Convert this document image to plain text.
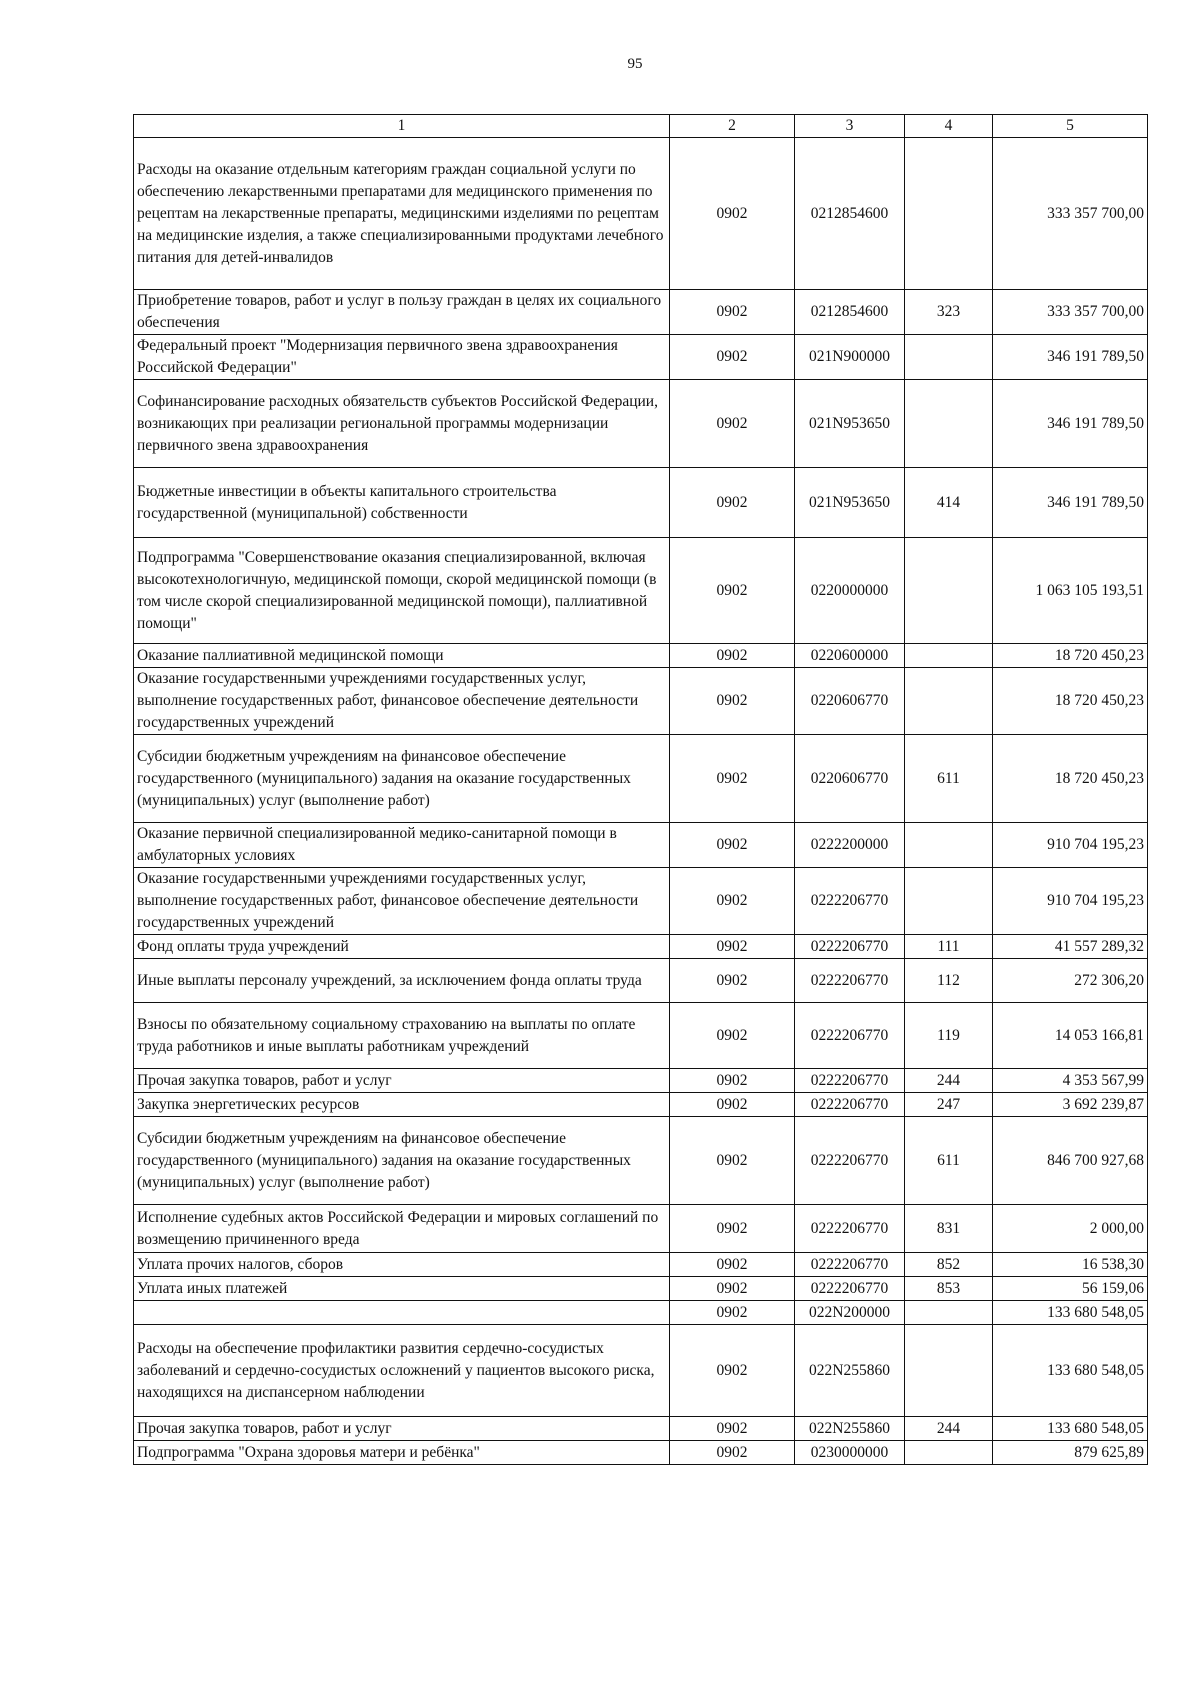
95
1	2	3	4	5
Расходы на оказание отдельным категориям граждан социальной услуги по обеспечению лекарственными препаратами для медицинского применения по рецептам на лекарственные препараты, медицинскими изделиями по рецептам на медицинские изделия, а также специализированными продуктами лечебного питания для детей-инвалидов	0902	0212854600		333 357 700,00
Приобретение товаров, работ и услуг в пользу граждан в целях их социального обеспечения	0902	0212854600	323	333 357 700,00
Федеральный проект "Модернизация первичного звена здравоохранения Российской Федерации"	0902	021N900000		346 191 789,50
Софинансирование расходных обязательств субъектов Российской Федерации, возникающих при реализации региональной программы модернизации первичного звена здравоохранения	0902	021N953650		346 191 789,50
Бюджетные инвестиции в объекты капитального строительства государственной (муниципальной) собственности	0902	021N953650	414	346 191 789,50
Подпрограмма "Совершенствование оказания специализированной, включая высокотехнологичную, медицинской помощи, скорой медицинской помощи (в том числе скорой специализированной медицинской помощи), паллиативной помощи"	0902	0220000000		1 063 105 193,51
Оказание паллиативной медицинской помощи	0902	0220600000		18 720 450,23
Оказание государственными учреждениями государственных услуг, выполнение государственных работ, финансовое обеспечение деятельности государственных учреждений	0902	0220606770		18 720 450,23
Субсидии бюджетным учреждениям на финансовое обеспечение государственного (муниципального) задания на оказание государственных (муниципальных) услуг (выполнение работ)	0902	0220606770	611	18 720 450,23
Оказание первичной специализированной медико-санитарной помощи в амбулаторных условиях	0902	0222200000		910 704 195,23
Оказание государственными учреждениями государственных услуг, выполнение государственных работ, финансовое обеспечение деятельности государственных учреждений	0902	0222206770		910 704 195,23
Фонд оплаты труда учреждений	0902	0222206770	111	41 557 289,32
Иные выплаты персоналу учреждений, за исключением фонда оплаты труда	0902	0222206770	112	272 306,20
Взносы по обязательному социальному страхованию на выплаты по оплате труда работников и иные выплаты работникам учреждений	0902	0222206770	119	14 053 166,81
Прочая закупка товаров, работ и услуг	0902	0222206770	244	4 353 567,99
Закупка энергетических ресурсов	0902	0222206770	247	3 692 239,87
Субсидии бюджетным учреждениям на финансовое обеспечение государственного (муниципального) задания на оказание государственных (муниципальных) услуг (выполнение работ)	0902	0222206770	611	846 700 927,68
Исполнение судебных актов Российской Федерации и мировых соглашений по возмещению причиненного вреда	0902	0222206770	831	2 000,00
Уплата прочих налогов, сборов	0902	0222206770	852	16 538,30
Уплата иных платежей	0902	0222206770	853	56 159,06
	0902	022N200000		133 680 548,05
Расходы на обеспечение профилактики развития сердечно-сосудистых заболеваний и сердечно-сосудистых осложнений у пациентов высокого риска, находящихся на диспансерном наблюдении	0902	022N255860		133 680 548,05
Прочая закупка товаров, работ и услуг	0902	022N255860	244	133 680 548,05
Подпрограмма "Охрана здоровья матери и ребёнка"	0902	0230000000		879 625,89
